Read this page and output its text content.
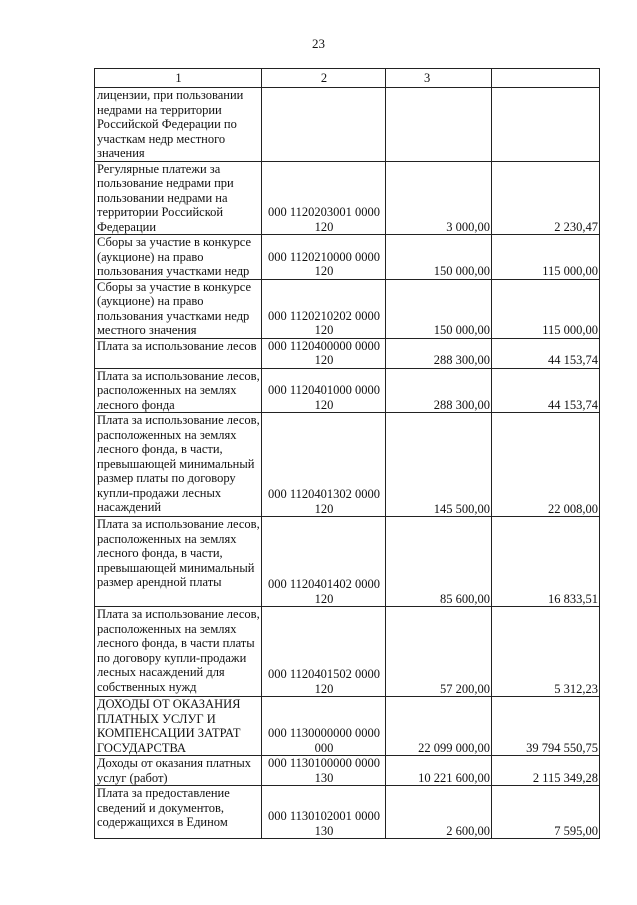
23
1	2	3	
лицензии, при пользовании недрами на территории Российской Федерации по участкам недр местного значения			
Регулярные платежи за пользование недрами при пользовании недрами на территории Российской Федерации	000 1120203001 0000 120	3 000,00	2 230,47
Сборы за участие в конкурсе (аукционе) на право пользования участками недр	000 1120210000 0000 120	150 000,00	115 000,00
Сборы за участие в конкурсе (аукционе) на право пользования участками недр местного значения	000 1120210202 0000 120	150 000,00	115 000,00
Плата за использование лесов	000 1120400000 0000 120	288 300,00	44 153,74
Плата за использование лесов, расположенных на землях лесного фонда	000 1120401000 0000 120	288 300,00	44 153,74
Плата за использование лесов, расположенных на землях лесного фонда, в части, превышающей минимальный размер платы по договору купли-продажи лесных насаждений	000 1120401302 0000 120	145 500,00	22 008,00
Плата за использование лесов, расположенных на землях лесного фонда, в части, превышающей минимальный размер арендной платы	000 1120401402 0000 120	85 600,00	16 833,51
Плата за использование лесов, расположенных на землях лесного фонда, в части платы по договору купли-продажи лесных насаждений для собственных нужд	000 1120401502 0000 120	57 200,00	5 312,23
ДОХОДЫ ОТ ОКАЗАНИЯ ПЛАТНЫХ УСЛУГ И КОМПЕНСАЦИИ ЗАТРАТ ГОСУДАРСТВА	000 1130000000 0000 000	22 099 000,00	39 794 550,75
Доходы от оказания платных услуг (работ)	000 1130100000 0000 130	10 221 600,00	2 115 349,28
Плата за предоставление сведений и документов, содержащихся в Едином	000 1130102001 0000 130	2 600,00	7 595,00
